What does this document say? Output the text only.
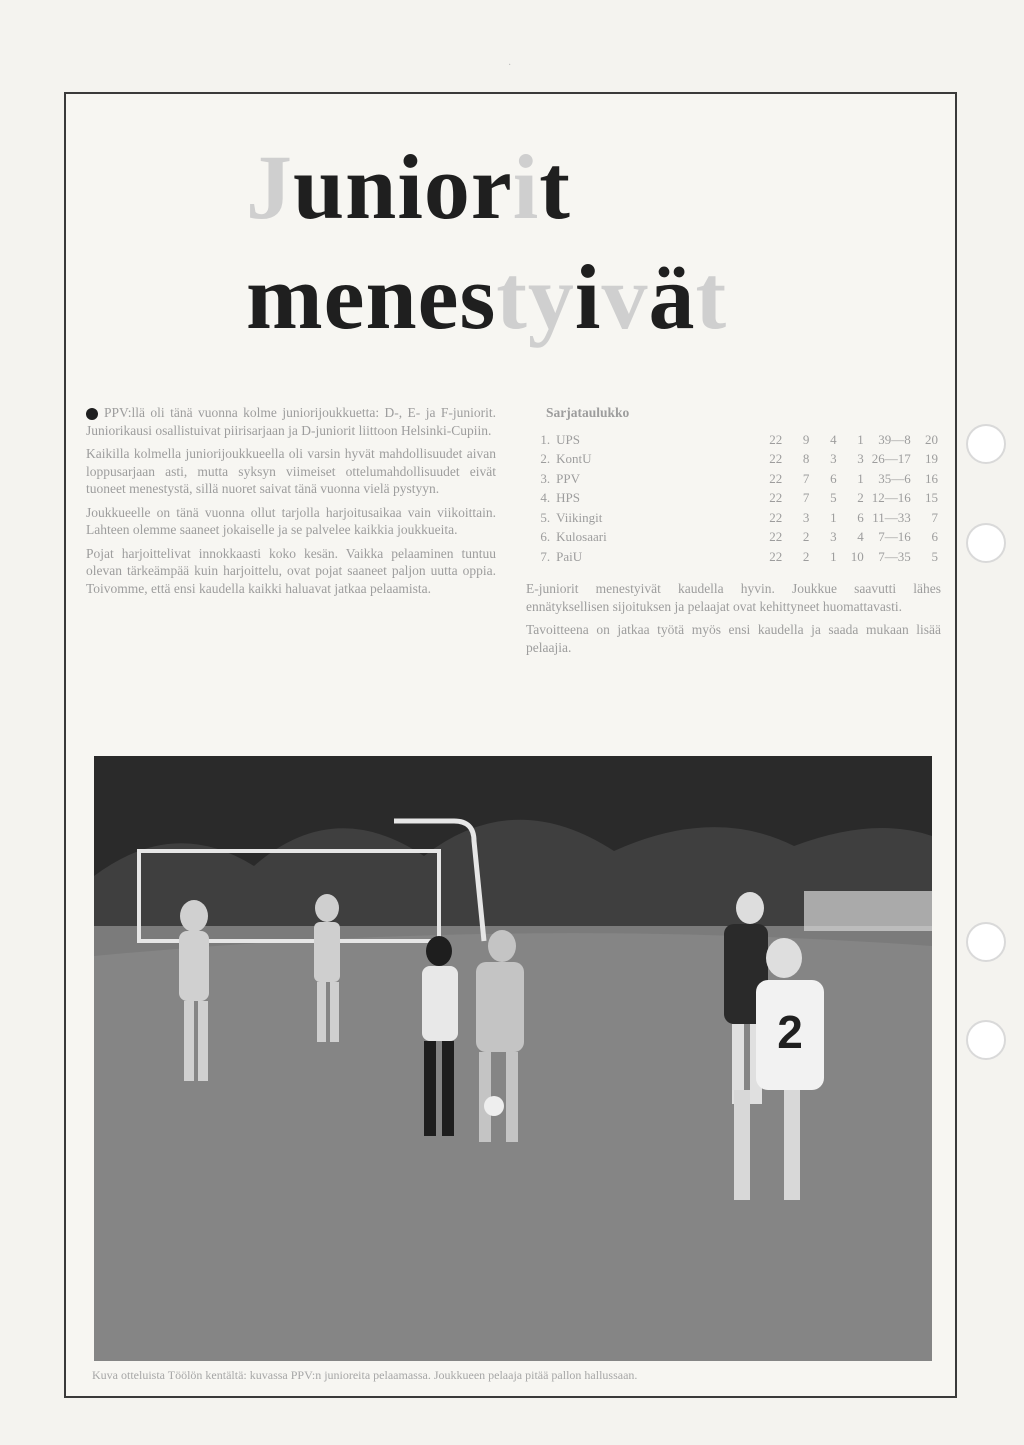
·
Juniorit
menestyivät

PPV:llä oli tänä vuonna kolme juniorijoukkuetta: D-, E- ja F-juniorit. Juniorikausi osallistuivat piirisarjaan ja D-juniorit liittoon Helsinki-Cupiin.

Kaikilla kolmella juniorijoukkueella oli varsin hyvät mahdollisuudet aivan loppusarjaan asti, mutta syksyn viimeiset ottelumahdollisuudet eivät tuoneet menestystä, sillä nuoret saivat tänä vuonna vielä pystyyn.

Joukkueelle on tänä vuonna ollut tarjolla harjoitusaikaa vain viikoittain. Lahteen olemme saaneet jokaiselle ja se palvelee kaikkia joukkueita.

Pojat harjoittelivat innokkaasti koko kesän. Vaikka pelaaminen tuntuu olevan tärkeämpää kuin harjoittelu, ovat pojat saaneet paljon uutta oppia. Toivomme, että ensi kaudella kaikki haluavat jatkaa pelaamista.

Sarjataulukko
1.	UPS	22	9	4	1	39—8	20
2.	KontU	22	8	3	3	26—17	19
3.	PPV	22	7	6	1	35—6	16
4.	HPS	22	7	5	2	12—16	15
5.	Viikingit	22	3	1	6	11—33	7
6.	Kulosaari	22	2	3	4	7—16	6
7.	PaiU	22	2	1	10	7—35	5

E-juniorit menestyivät kaudella hyvin. Joukkue saavutti lähes ennätyksellisen sijoituksen ja pelaajat ovat kehittyneet huomattavasti.

Tavoitteena on jatkaa työtä myös ensi kaudella ja saada mukaan lisää pelaajia.

2
Kuva otteluista Töölön kentältä: kuvassa PPV:n junioreita pelaamassa. Joukkueen pelaaja pitää pallon hallussaan.
